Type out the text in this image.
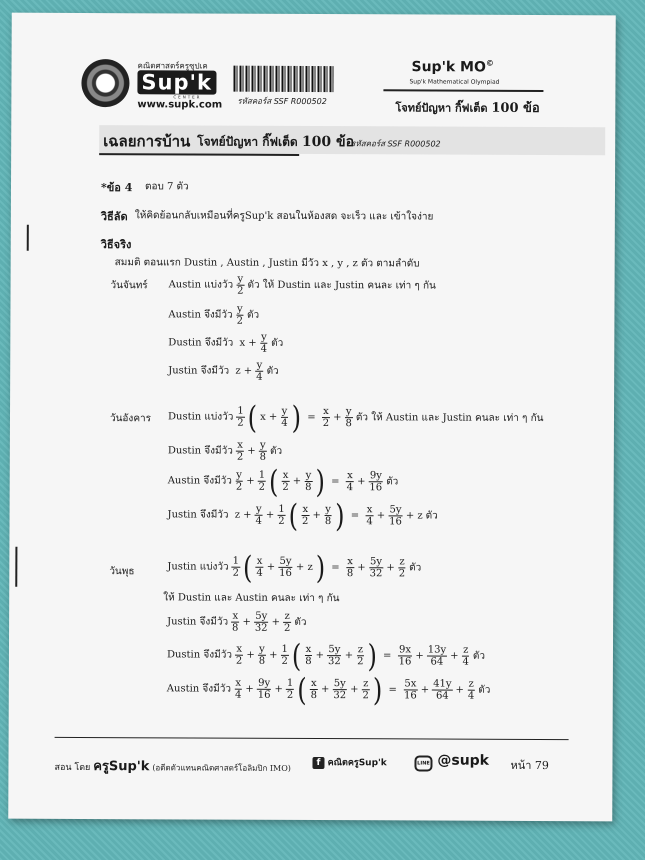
คณิตศาสตร์ครูซุปเค
Sup'k
CENTER
www.supk.com รหัสคอร์ส SSF R000502
Sup'k MO©
Sup'k Mathematical Olympiad
โจทย์ปัญหา กิ๊ฟเต็ด 100 ข้อ
เฉลยการบ้าน โจทย์ปัญหา กิ๊ฟเต็ด 100 ข้อ
รหัสคอร์ส SSF R000502
*ข้อ 4 ตอบ 7 ตัว
วิธีลัด ให้คิดย้อนกลับเหมือนที่ครูSup'k สอนในห้องสด จะเร็ว และ เข้าใจง่าย
วิธีจริง
สมมติ ตอนแรก Dustin , Austin , Justin มีวัว x , y , z ตัว ตามลำดับ
วันจันทร์ Austin แบ่งวัว $\frac{y}{2}$ ตัว ให้ Dustin และ Justin คนละ เท่า ๆ กัน
Austin จึงมีวัว $\frac{y}{2}$ ตัว
Dustin จึงมีวัว $x + \frac{y}{4}$ ตัว
Justin จึงมีวัว $z + \frac{y}{4}$ ตัว
วันอังคาร Dustin แบ่งวัว $\frac{1}{2}$ ( $x + \frac{y}{4}$ ) = $\frac{x}{2} + \frac{y}{8}$ ตัว ให้ Austin และ Justin คนละ เท่า ๆ กัน
Dustin จึงมีวัว $\frac{x}{2} + \frac{y}{8}$ ตัว
Austin จึงมีวัว $\frac{y}{2} + \frac{1}{2}$ ( $\frac{x}{2} + \frac{y}{8}$ ) = $\frac{x}{4} + \frac{9y}{16}$ ตัว
Justin จึงมีวัว $z + \frac{y}{4} + \frac{1}{2}$ ( $\frac{x}{2} + \frac{y}{8}$ ) = $\frac{x}{4} + \frac{5y}{16} + z$ ตัว
วันพุธ	Justin แบ่งวัว $\frac{1}{2}$ ( $\frac{x}{4} + \frac{5y}{16} + z$ ) = $\frac{x}{8} + \frac{5y}{32} + \frac{z}{2}$ ตัว
ให้ Dustin และ Austin คนละ เท่า ๆ กัน
Justin จึงมีวัว $\frac{x}{8} + \frac{5y}{32} + \frac{z}{2}$ ตัว
Dustin จึงมีวัว $\frac{x}{2} + \frac{y}{8} + \frac{1}{2}$ ( $\frac{x}{8} + \frac{5y}{32} + \frac{z}{2}$ ) = $\frac{9x}{16} + \frac{13y}{64} + \frac{z}{4}$ ตัว
Austin จึงมีวัว $\frac{x}{4} + \frac{9y}{16} + \frac{1}{2}$ ( $\frac{x}{8} + \frac{5y}{32} + \frac{z}{2}$ ) = $\frac{5x}{16} + \frac{41y}{64} + \frac{z}{4}$ ตัว
สอน โดย ครูSup'k (อดีตตัวแทนคณิตศาสตร์โอลิมปิก IMO)
f คณิตครูSup'k	LINE @supk หน้า 79
